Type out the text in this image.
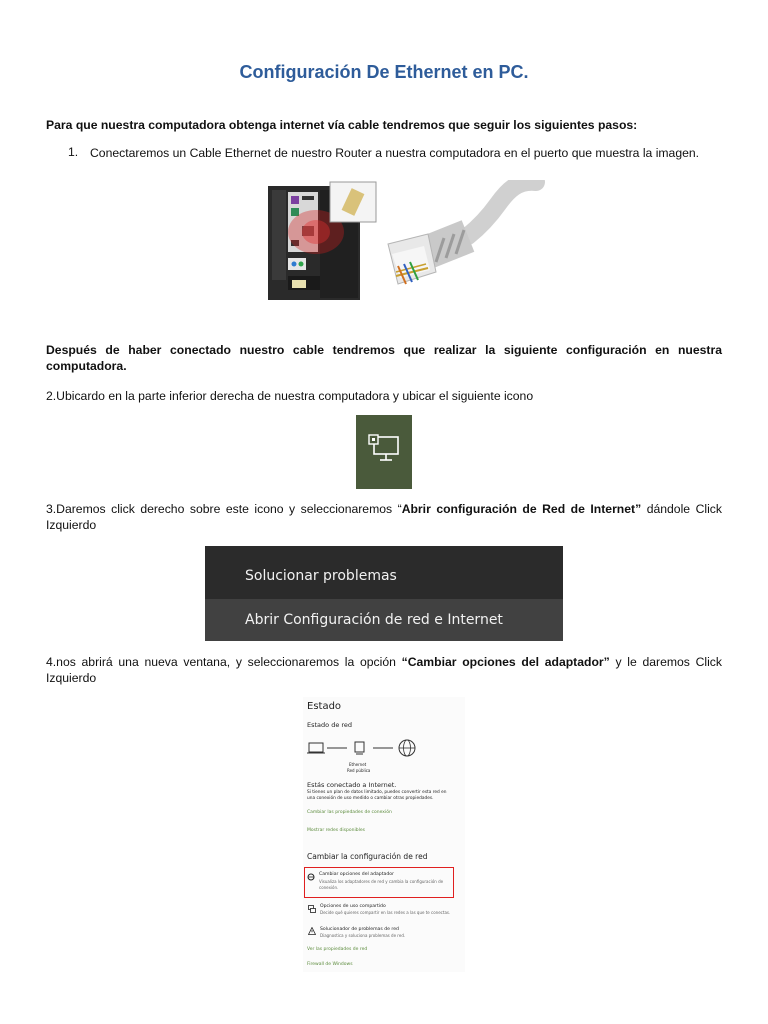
Configuración De Ethernet en PC.
Para que nuestra computadora obtenga internet vía cable tendremos que seguir los siguientes pasos:
1. Conectaremos un Cable Ethernet de nuestro Router a nuestra computadora en el puerto que muestra la imagen.
Después de haber conectado nuestro cable tendremos que realizar la siguiente configuración en nuestra computadora.
2.Ubicardo en la parte inferior derecha de nuestra computadora y ubicar el siguiente icono
3.Daremos click derecho sobre este icono y seleccionaremos “Abrir configuración de Red de Internet” dándole Click Izquierdo
Solucionar problemas
Abrir Configuración de red e Internet
4.nos abrirá una nueva ventana, y seleccionaremos la opción “Cambiar opciones del adaptador” y le daremos Click Izquierdo
Estado
Estado de red
Ethernet
Red pública
Estás conectado a Internet.
Si tienes un plan de datos limitado, puedes convertir esta red en
una conexión de uso medido o cambiar otras propiedades.
Cambiar las propiedades de conexión
Mostrar redes disponibles
Cambiar la configuración de red
Cambiar opciones del adaptador
Visualiza los adaptadores de red y cambia la configuración de
conexión.
Opciones de uso compartido
Decide qué quieres compartir en las redes a las que te conectas.
Solucionador de problemas de red
Diagnostica y soluciona problemas de red.
Ver las propiedades de red
Firewall de Windows
